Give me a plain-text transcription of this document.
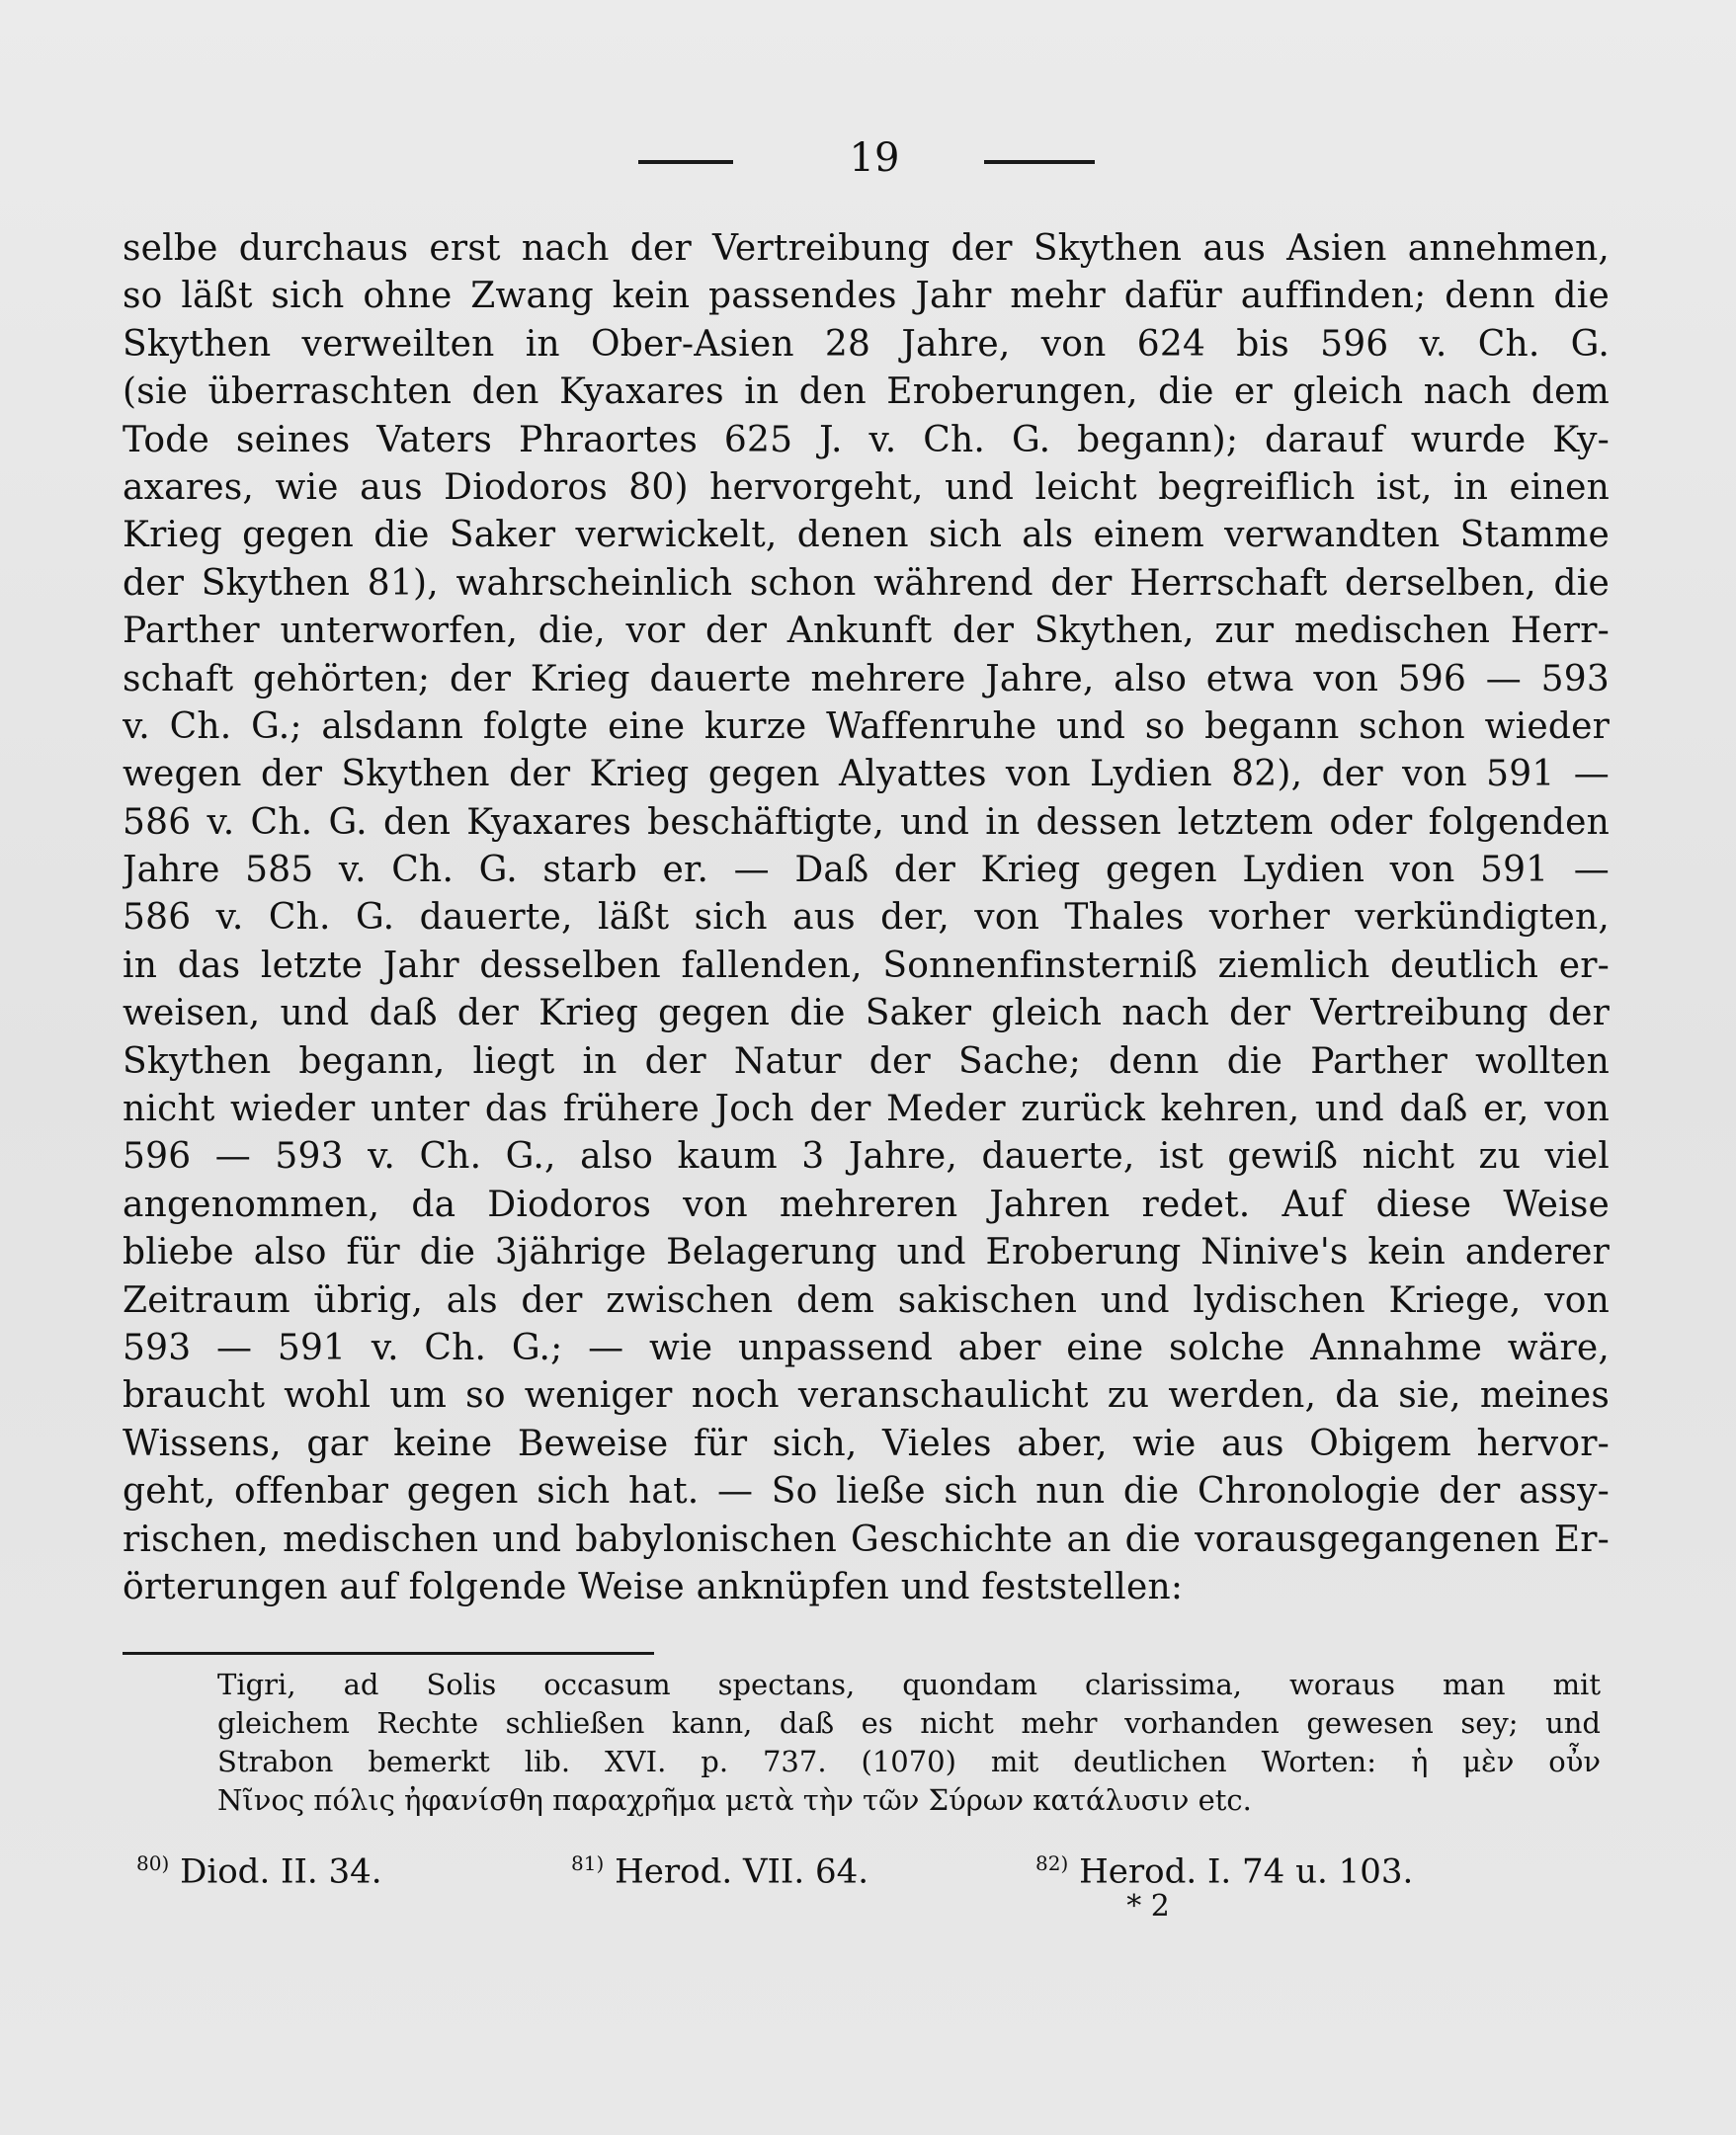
19
selbe durchaus erst nach der Vertreibung der Skythen aus Asien annehmen,
so läßt sich ohne Zwang kein passendes Jahr mehr dafür auffinden; denn die
Skythen verweilten in Ober-Asien 28 Jahre, von 624 bis 596 v. Ch. G.
(sie überraschten den Kyaxares in den Eroberungen, die er gleich nach dem
Tode seines Vaters Phraortes 625 J. v. Ch. G. begann); darauf wurde Ky-
axares, wie aus Diodoros 80) hervorgeht, und leicht begreiflich ist, in einen
Krieg gegen die Saker verwickelt, denen sich als einem verwandten Stamme
der Skythen 81), wahrscheinlich schon während der Herrschaft derselben, die
Parther unterworfen, die, vor der Ankunft der Skythen, zur medischen Herr-
schaft gehörten; der Krieg dauerte mehrere Jahre, also etwa von 596 — 593
v. Ch. G.; alsdann folgte eine kurze Waffenruhe und so begann schon wieder
wegen der Skythen der Krieg gegen Alyattes von Lydien 82), der von 591 —
586 v. Ch. G. den Kyaxares beschäftigte, und in dessen letztem oder folgenden
Jahre 585 v. Ch. G. starb er. — Daß der Krieg gegen Lydien von 591 —
586 v. Ch. G. dauerte, läßt sich aus der, von Thales vorher verkündigten,
in das letzte Jahr desselben fallenden, Sonnenfinsterniß ziemlich deutlich er-
weisen, und daß der Krieg gegen die Saker gleich nach der Vertreibung der
Skythen begann, liegt in der Natur der Sache; denn die Parther wollten
nicht wieder unter das frühere Joch der Meder zurück kehren, und daß er, von
596 — 593 v. Ch. G., also kaum 3 Jahre, dauerte, ist gewiß nicht zu viel
angenommen, da Diodoros von mehreren Jahren redet. Auf diese Weise
bliebe also für die 3jährige Belagerung und Eroberung Ninive's kein anderer
Zeitraum übrig, als der zwischen dem sakischen und lydischen Kriege, von
593 — 591 v. Ch. G.; — wie unpassend aber eine solche Annahme wäre,
braucht wohl um so weniger noch veranschaulicht zu werden, da sie, meines
Wissens, gar keine Beweise für sich, Vieles aber, wie aus Obigem hervor-
geht, offenbar gegen sich hat. — So ließe sich nun die Chronologie der assy-
rischen, medischen und babylonischen Geschichte an die vorausgegangenen Er-
örterungen auf folgende Weise anknüpfen und feststellen:
Tigri, ad Solis occasum spectans, quondam clarissima, woraus man mit
gleichem Rechte schließen kann, daß es nicht mehr vorhanden gewesen sey; und
Strabon bemerkt lib. XVI. p. 737. (1070) mit deutlichen Worten: ἡ μὲν οὖν
Νῖνος πόλις ἠφανίσθη παραχρῆμα μετὰ τὴν τῶν Σύρων κατάλυσιν etc.
$^{80)}$ Diod. II. 34.	$^{81)}$ Herod. VII. 64.	$^{82)}$ Herod. I. 74 u. 103.
* 2
